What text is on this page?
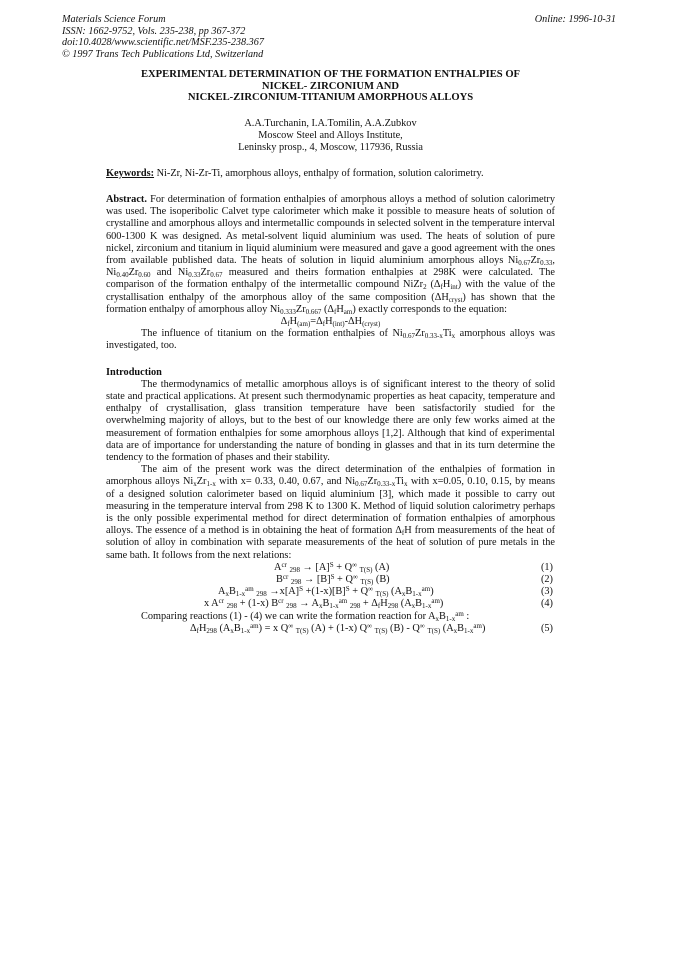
Materials Science Forum
ISSN: 1662-9752, Vols. 235-238, pp 367-372
doi:10.4028/www.scientific.net/MSF.235-238.367
© 1997 Trans Tech Publications Ltd, Switzerland
Online: 1996-10-31
EXPERIMENTAL DETERMINATION OF THE FORMATION ENTHALPIES OF
NICKEL- ZIRCONIUM AND
NICKEL-ZIRCONIUM-TITANIUM AMORPHOUS ALLOYS
A.A.Turchanin, I.A.Tomilin, A.A.Zubkov
Moscow Steel and Alloys Institute,
Leninsky prosp., 4, Moscow, 117936, Russia
Keywords: Ni-Zr, Ni-Zr-Ti, amorphous alloys, enthalpy of formation, solution calorimetry.

Abstract. For determination of formation enthalpies of amorphous alloys a method of solution calorimetry was used. The isoperibolic Calvet type calorimeter which make it possible to measure heats of solution of crystalline and amorphous alloys and intermetallic compounds in selected solvent in the temperature interval 600-1300 K was designed. As metal-solvent liquid aluminium was used. The heats of solution of pure nickel, zirconium and titanium in liquid aluminium were measured and gave a good agreement with the ones from available published data. The heats of solution in liquid aluminium amorphous alloys $Ni_{0.67}Zr_{0.33}$, $Ni_{0.40}Zr_{0.60}$ and $Ni_{0.33}Zr_{0.67}$ measured and theirs formation enthalpies at 298K were calculated. The comparison of the formation enthalpy of the intermetallic compound NiZr$_2$ $(\Delta_fH_{int})$ with the value of the crystallisation enthalpy of the amorphous alloy of the same composition $(\Delta H_{cryst})$ has shown that the formation enthalpy of amorphous alloy $Ni_{0.333}Zr_{0.667}$ $(\Delta_fH_{am})$ exactly corresponds to the equation:

$\Delta_fH_{(am)}=\Delta_fH_{(int)}-\Delta H_{(cryst)}$

The influence of titanium on the formation enthalpies of $Ni_{0.67}Zr_{0.33-x}Ti_x$ amorphous alloys was investigated, too.

Introduction

The thermodynamics of metallic amorphous alloys is of significant interest to the theory of solid state and practical applications. At present such thermodynamic properties as heat capacity, temperature and enthalpy of crystallisation, glass transition temperature have been satisfactorily studied for the overwhelming majority of alloys, but to the best of our knowledge there are only few works aimed at the measurement of formation enthalpies for some amorphous alloys [1,2]. Although that kind of experimental data are of importance for understanding the nature of bonding in glasses and that in its turn determine the tendency to the formation of phases and their stability.

The aim of the present work was the direct determination of the enthalpies of formation in amorphous alloys $Ni_xZr_{1-x}$ with x= 0.33, 0.40, 0.67, and $Ni_{0.67}Zr_{0.33-x}Ti_x$ with x=0.05, 0.10, 0.15, by means of a designed solution calorimeter based on liquid aluminium [3], which made it possible to carry out measuring in the temperature interval from 298 K to 1300 K. Method of liquid solution calorimetry perhaps is the only possible experimental method for direct determination of formation enthalpies of amorphous alloys. The essence of a method is in obtaining the heat of formation $\Delta_fH$ from measurements of the heat of solution of alloy in combination with separate measurements of the heat of solution of pure metals in the same bath. It follows from the next relations:

$A^{cr}$ $_{298} \to [A]^S + Q^\infty$ $_{T(S)}$ (A)	(1)
$B^{cr}$ $_{298} \to [B]^S + Q^\infty$ $_{T(S)}$ (B)	(2)
$A_xB_{1-x}^{am}$ $_{298} \to x[A]^S +(1-x)[B]^S + Q^\infty$ $_{T(S)}$ $(A_xB_{1-x}^{am})$	(3)
x $A^{cr}$ $_{298}$ + (1-x) $B^{cr}$ $_{298} \to A_xB_{1-x}^{am}$ $_{298} + \Delta_fH_{298}$ $(A_xB_{1-x}^{am})$	(4)

Comparing reactions (1) - (4) we can write the formation reaction for $A_xB_{1-x}^{am}$ :

$\Delta_fH_{298}$ $(A_xB_{1-x}^{am}) = x$ Q∞ $_{T(S)}$ (A) + (1-x) Q∞ $_{T(S)}$ (B) - Q∞ $_{T(S)}$ $(A_xB_{1-x}^{am})$	(5)
